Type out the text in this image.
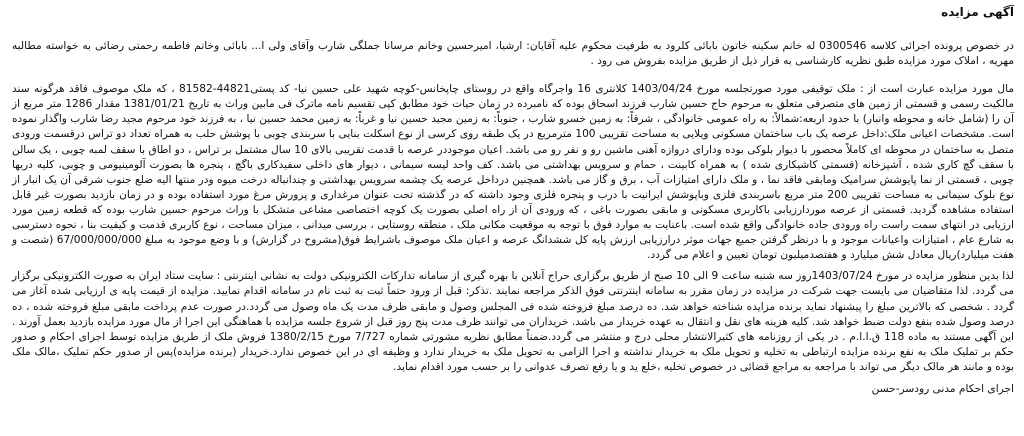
آگهی مزایده

در خصوص پرونده اجرائی کلاسه 0300546 له خانم سکینه خاتون بابائی کلرود به طرفیت محکوم علیه آقایان: ارشیا، امیرحسین وخانم مرسانا جملگی شارب وآقای ولی ا... بابائی وخانم فاطمه رحمتی رضائی به خواسته مطالبه مهریه ، املاک مورد مزایده طبق نظریه کارشناسی به قرار ذیل از طریق مزایده بفروش می رود .

مال مورد مزایده عبارت است از : ملک توقیفی مورد صورتجلسه مورخ 1403/04/24 کلانتری 16 واجرگاه واقع در روستای چاپخانس-کوچه شهید علی حسین نیا- کد پستی44821-81582 ، که ملک موصوف فاقد هرگونه سند مالکیت رسمی و قسمتی از زمین های متصرفی متعلق به مرحوم حاج حسین شارب فرزند اسحاق بوده که نامبرده در زمان حیات خود مطابق کپی تقسیم نامه ماترک فی مابین وراث به تاریخ 1381/01/21 مقدار 1286 متر مربع از آن را (شامل خانه و محوطه وانبار) با حدود اربعه:شمالاً: به راه عمومی خانوادگی ، شرقاً: به زمین خسرو شارب ، جنوباً: به زمین مجید حسین نیا و غرباً: به زمین محمد حسین نیا ، به فرزند خود مرحوم مجید رضا شارب واگذار نموده است. مشخصات اعیانی ملک:داخل عرصه یک باب ساختمان مسکونی ویلایی به مساحت تقریبی 100 مترمربع در یک طبقه روی کرسی از نوع اسکلت بنایی با سربندی چوبی با پوشش حلب به همراه تعداد دو تراس درقسمت ورودی متصل به ساختمان در محوطه ای کاملاً محصور با دیوار بلوکی بوده ودارای دروازه آهنی ماشین رو و نفر رو می باشد. اعیان موجوددر عرصه با قدمت تقریبی بالای 10 سال مشتمل بر تراس ، دو اطاق با سقف لمبه چوبی ، یک سالن با سقف گچ کاری شده ، آشپزخانه (قسمتی کاشیکاری شده ) به همراه کابینت ، حمام و سرویس بهداشتی می باشد. کف واحد لیسه سیمانی ، دیوار های داخلی سفیدکاری باگچ ، پنجره ها بصورت آلومینیومی و چوبی، کلیه دربها چوبی ، قسمتی از نما پایوشش سرامیک ومابقی فاقد نما ، و ملک دارای امتیازات آب ، برق و گاز می باشد. همچنین درداخل عرصه یک چشمه سرویس بهداشتی و چندانباله درخت میوه ودر منتها الیه ضلع جنوب شرقی آن یک انبار از نوع بلوک سیمانی به مساحت تقریبی 200 متر مربع باسربندی فلزی وباپوشش ایرانیت با درب و پنجره فلزی وجود داشته که در گذشته تحت عنوان مرغداری و پرورش مرغ مورد استفاده بوده و در زمان بازدید بصورت غیر قابل استفاده مشاهده گردید. قسمتی از عرصه موردارزیابی باکاربری مسکونی و مابقی بصورت باغی ، که ورودی آن از راه اصلی بصورت یک کوچه اختصاصی مشاعی متشکل با وراث مرحوم حسین شارب بوده که قطعه زمین مورد ارزیابی در انتهای سمت راست راه ورودی جاده خانوادگی واقع شده است. باعنایت به موارد فوق با توجه به موقعیت مکانی ملک ، منطقه روستایی ، بررسی میدانی ، میزان مساحت ، نوع کاربری قدمت و کیفیت بنا ، نحوه دسترسی به شارع عام ، امتیازات واعیانات موجود و با درنظر گرفتن جمیع جهات موثر درارزیابی ارزش پایه کل ششدانگ عرصه و اعیان ملک موصوف باشرایط فوق(مشروح در گزارش) و با وضع موجود به مبلغ 67/000/000/000 (شصت و هفت میلیارد)ریال معادل شش میلیارد و هفتصدمیلیون تومان تعیین و اعلام می گردد.

لذا بدین منظور مزایده در مورخ 1403/07/24روز سه شنبه ساعت 9 الی 10 صبح از طریق برگزاری حراج آنلاین با بهره گیری از سامانه تدارکات الکترونیکی دولت به نشانی اینترنتی : سایت ستاد ایران به صورت الکترونیکی برگزار می گردد. لذا متقاضیان می بایست جهت شرکت در مزایده در زمان مقرر به سامانه اینترنتی فوق الذکر مراجعه نمایند .تذکر: قبل از ورود حتماً ثبت به ثبت نام در سامانه اقدام نمایید. مزایده از قیمت پایه ی ارزیابی شده آغاز می گردد . شخصی که بالاترین مبلغ را پیشنهاد نماید برنده مزایده شناخته خواهد شد. ده درصد مبلغ فروخته شده فی المجلس وصول و مابقی ظرف مدت یک ماه وصول می گردد.در صورت عدم پرداخت مابقی مبلغ فروخته شده ، ده درصد وصول شده بنفع دولت ضبط خواهد شد. کلیه هزینه های نقل و انتقال به عهده خریدار می باشد. خریداران می توانند ظرف مدت پنج روز قبل از شروع جلسه مزایده با هماهنگی این اجرا از مال مورد مزایده بازدید بعمل آورند . این آگهی مستند به ماده 118 ق.ا.ا.م . در یکی از روزنامه های کثیرالانتشار محلی درج و منتشر می گردد.ضمناً مطابق نظریه مشورتی شماره 7/727 مورخ 1380/2/15 فروش ملک از طریق مزایده توسط اجرای احکام و صدور حکم بر تملیک ملک به نفع برنده مزایده ارتباطی به تخلیه و تحویل ملک به خریدار نداشته و اجرا الزامی به تحویل ملک به خریدار ندارد و وظیفه ای در این خصوص ندارد.خریدار (برنده مزایده)پس از صدور حکم تملیک ،مالک ملک بوده و مانند هر مالک دیگر می تواند با مراجعه به مراجع قضائی در خصوص تخلیه ،خلع ید و یا رفع تصرف عدوانی را بر حسب مورد اقدام نماید.

اجرای احکام مدنی رودسر-حسن
